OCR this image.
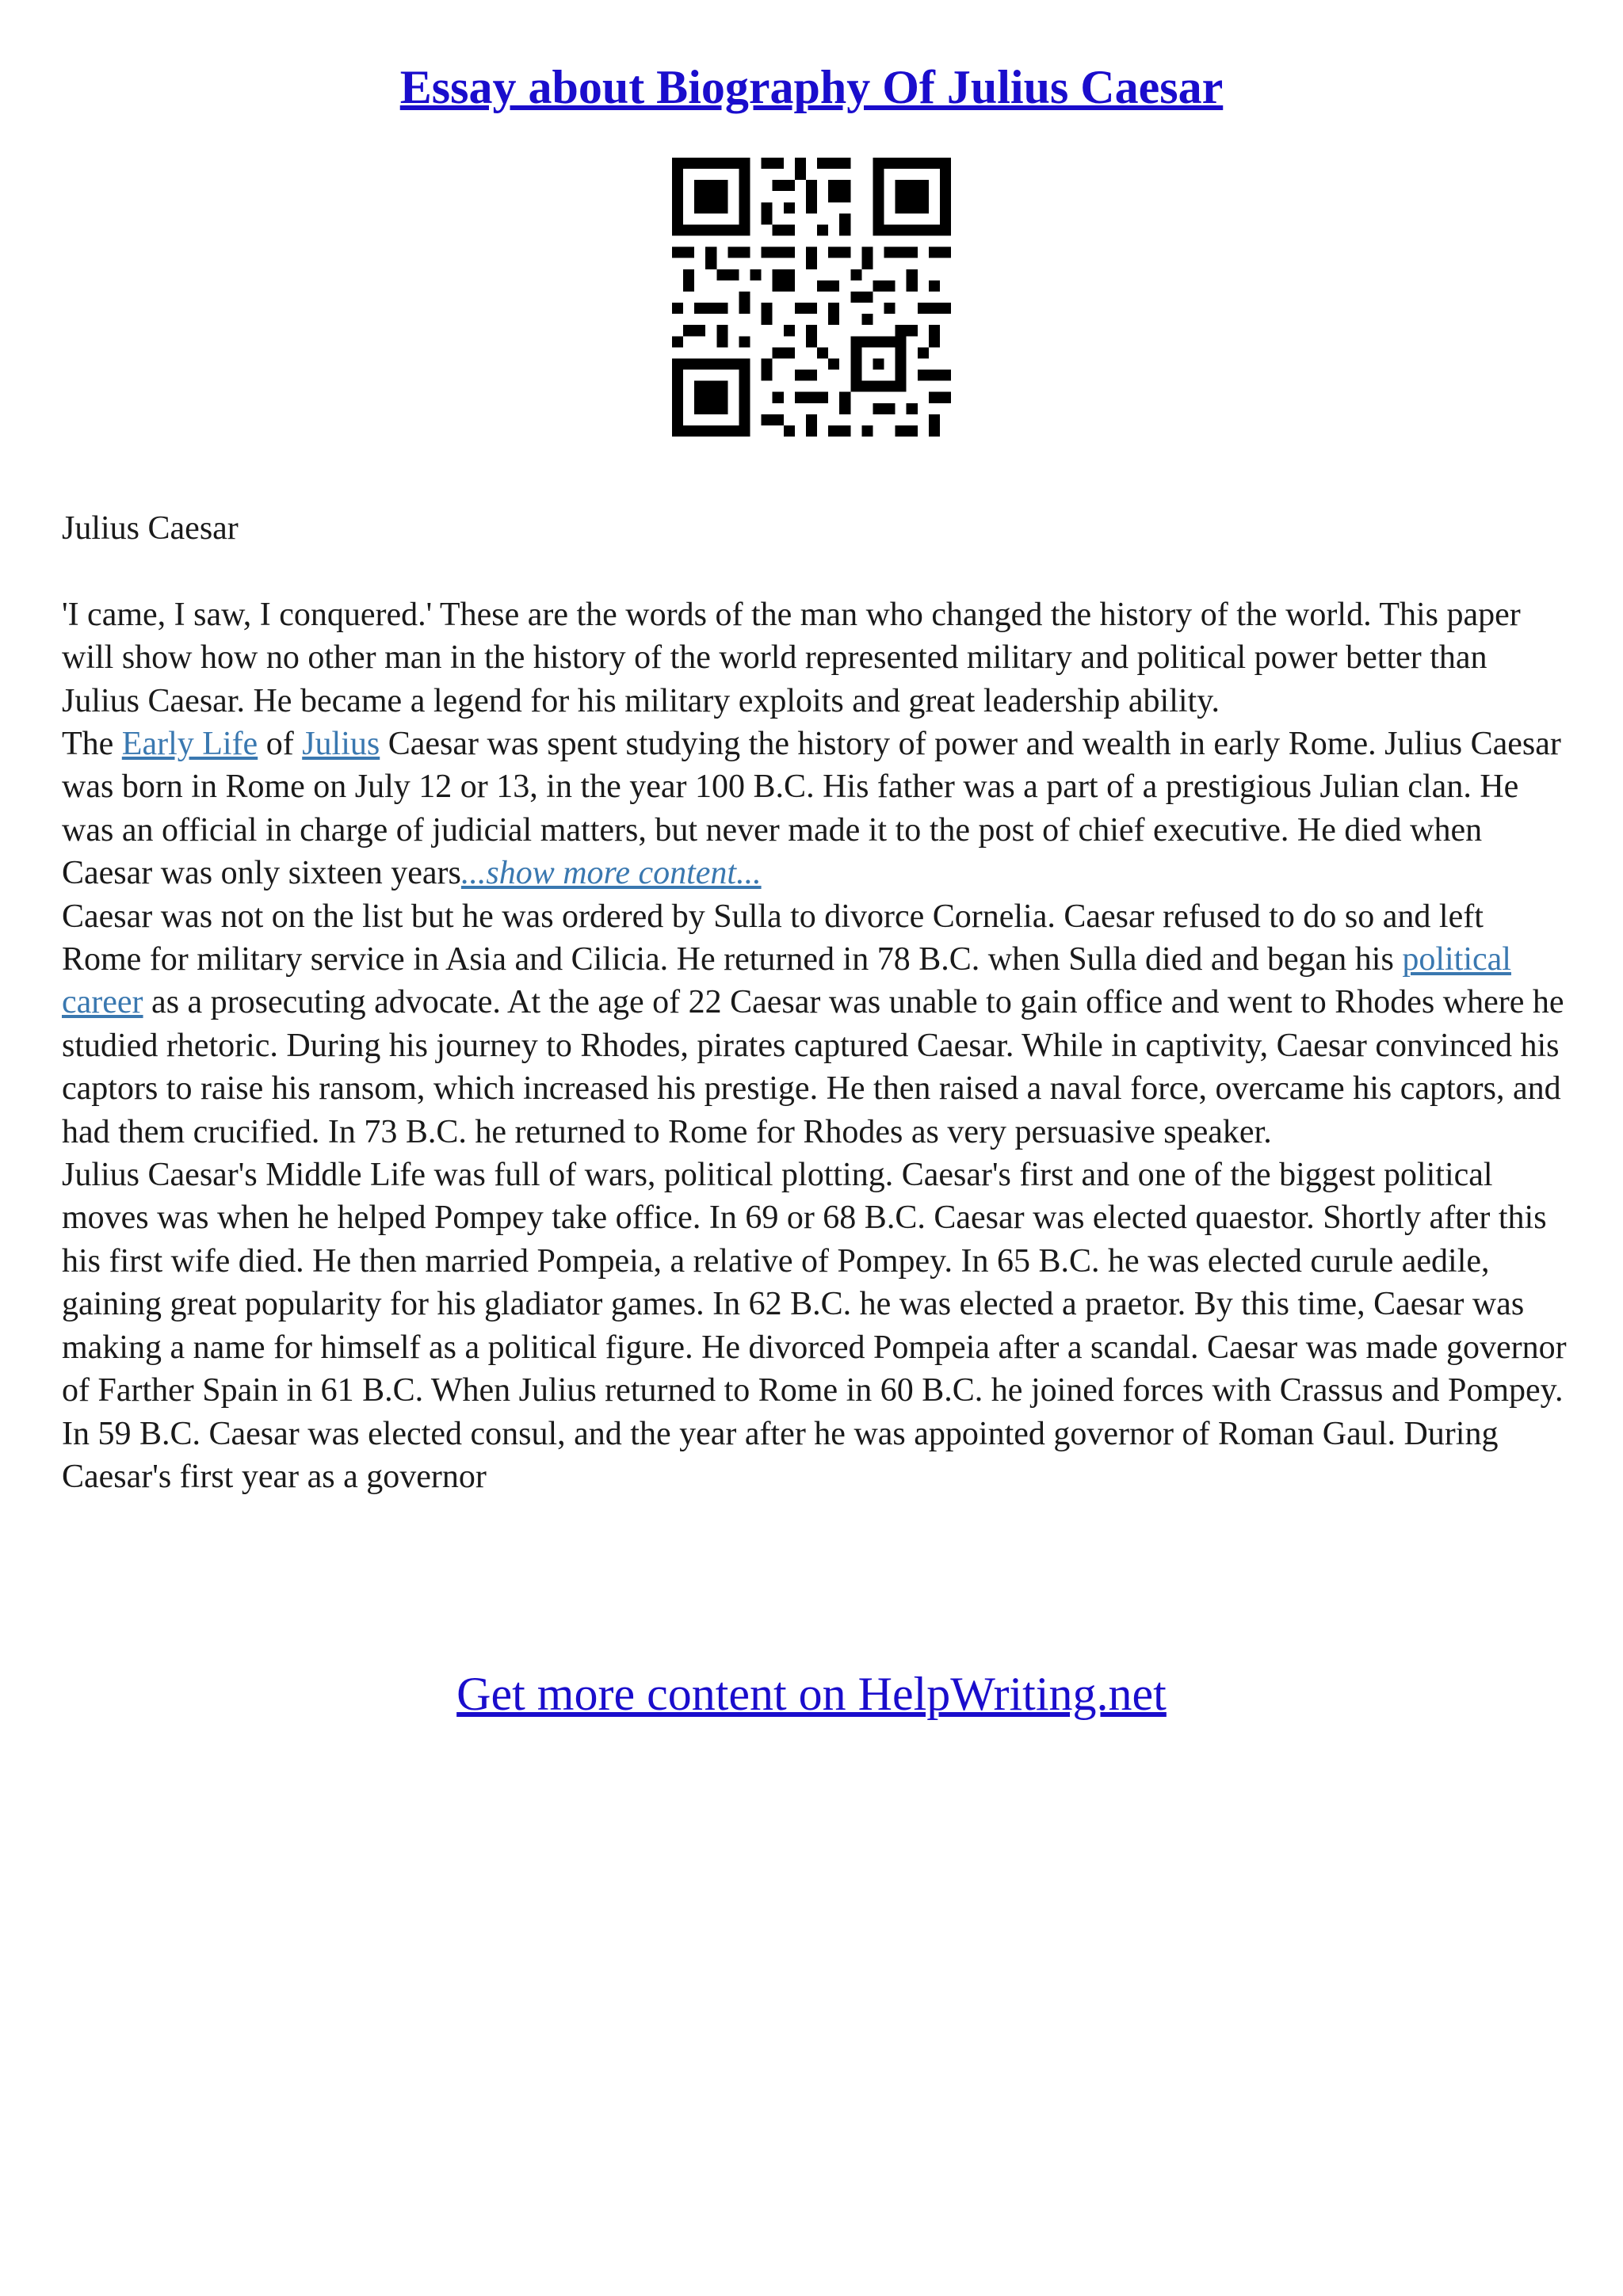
Essay about Biography Of Julius Caesar

Julius Caesar

'I came, I saw, I conquered.' These are the words of the man who changed the history of the world. This paper will show how no other man in the history of the world represented military and political power better than Julius Caesar. He became a legend for his military exploits and great leadership ability.

The Early Life of Julius Caesar was spent studying the history of power and wealth in early Rome. Julius Caesar was born in Rome on July 12 or 13, in the year 100 B.C. His father was a part of a prestigious Julian clan. He was an official in charge of judicial matters, but never made it to the post of chief executive. He died when Caesar was only sixteen years...show more content...

Caesar was not on the list but he was ordered by Sulla to divorce Cornelia. Caesar refused to do so and left Rome for military service in Asia and Cilicia. He returned in 78 B.C. when Sulla died and began his political career as a prosecuting advocate. At the age of 22 Caesar was unable to gain office and went to Rhodes where he studied rhetoric. During his journey to Rhodes, pirates captured Caesar. While in captivity, Caesar convinced his captors to raise his ransom, which increased his prestige. He then raised a naval force, overcame his captors, and had them crucified. In 73 B.C. he returned to Rome for Rhodes as very persuasive speaker.

Julius Caesar's Middle Life was full of wars, political plotting. Caesar's first and one of the biggest political moves was when he helped Pompey take office. In 69 or 68 B.C. Caesar was elected quaestor. Shortly after this his first wife died. He then married Pompeia, a relative of Pompey. In 65 B.C. he was elected curule aedile, gaining great popularity for his gladiator games. In 62 B.C. he was elected a praetor. By this time, Caesar was making a name for himself as a political figure. He divorced Pompeia after a scandal. Caesar was made governor of Farther Spain in 61 B.C. When Julius returned to Rome in 60 B.C. he joined forces with Crassus and Pompey. In 59 B.C. Caesar was elected consul, and the year after he was appointed governor of Roman Gaul. During Caesar's first year as a governor

Get more content on HelpWriting.net
